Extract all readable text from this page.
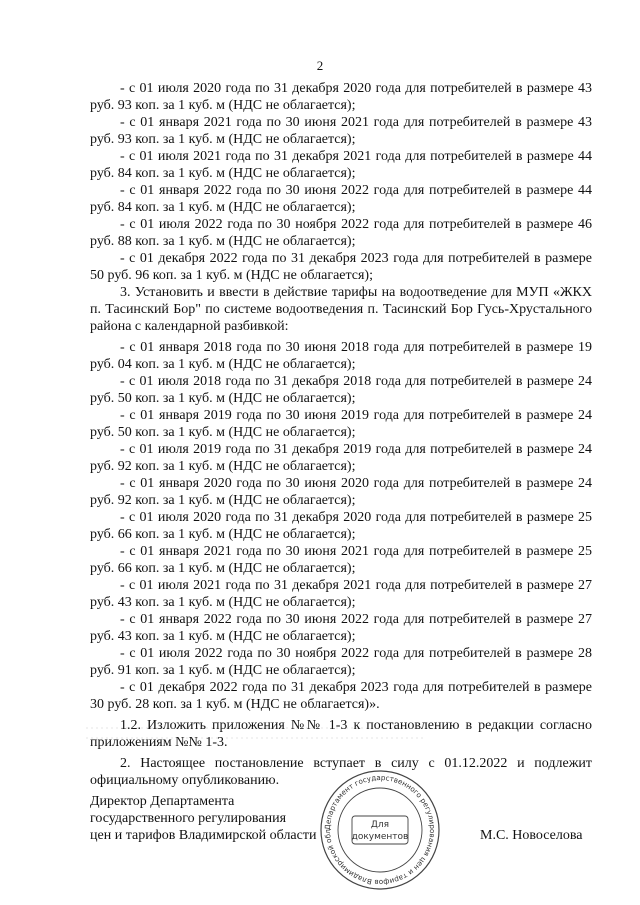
2
- с 01 июля 2020 года по 31 декабря 2020 года для потребителей в размере 43 руб. 93 коп. за 1 куб. м (НДС не облагается);
- с 01 января 2021 года по 30 июня 2021 года для потребителей в размере 43 руб. 93 коп. за 1 куб. м (НДС не облагается);
- с 01 июля 2021 года по 31 декабря 2021 года для потребителей в размере 44 руб. 84 коп. за 1 куб. м (НДС не облагается);
- с 01 января 2022 года по 30 июня 2022 года для потребителей в размере 44 руб. 84 коп. за 1 куб. м (НДС не облагается);
- с 01 июля 2022 года по 30 ноября 2022 года для потребителей в размере 46 руб. 88 коп. за 1 куб. м (НДС не облагается);
- с 01 декабря 2022 года по 31 декабря 2023 года для потребителей в размере 50 руб. 96 коп. за 1 куб. м (НДС не облагается);
3. Установить и ввести в действие тарифы на водоотведение для МУП «ЖКХ п. Тасинский Бор" по системе водоотведения п. Тасинский Бор Гусь-Хрустального района с календарной разбивкой:
- с 01 января 2018 года по 30 июня 2018 года для потребителей в размере 19 руб. 04 коп. за 1 куб. м (НДС не облагается);
- с 01 июля 2018 года по 31 декабря 2018 года для потребителей в размере 24 руб. 50 коп. за 1 куб. м (НДС не облагается);
- с 01 января 2019 года по 30 июня 2019 года для потребителей в размере 24 руб. 50 коп. за 1 куб. м (НДС не облагается);
- с 01 июля 2019 года по 31 декабря 2019 года для потребителей в размере 24 руб. 92 коп. за 1 куб. м (НДС не облагается);
- с 01 января 2020 года по 30 июня 2020 года для потребителей в размере 24 руб. 92 коп. за 1 куб. м (НДС не облагается);
- с 01 июля 2020 года по 31 декабря 2020 года для потребителей в размере 25 руб. 66 коп. за 1 куб. м (НДС не облагается);
- с 01 января 2021 года по 30 июня 2021 года для потребителей в размере 25 руб. 66 коп. за 1 куб. м (НДС не облагается);
- с 01 июля 2021 года по 31 декабря 2021 года для потребителей в размере 27 руб. 43 коп. за 1 куб. м (НДС не облагается);
- с 01 января 2022 года по 30 июня 2022 года для потребителей в размере 27 руб. 43 коп. за 1 куб. м (НДС не облагается);
- с 01 июля 2022 года по 30 ноября 2022 года для потребителей в размере 28 руб. 91 коп. за 1 куб. м (НДС не облагается);
- с 01 декабря 2022 года по 31 декабря 2023 года для потребителей в размере 30 руб. 28 коп. за 1 куб. м (НДС не облагается)».
1.2. Изложить приложения №№ 1-3 к постановлению в редакции согласно приложениям №№ 1-3.
2. Настоящее постановление вступает в силу с 01.12.2022 и подлежит официальному опубликованию.
Директор Департамента
государственного регулирования
цен и тарифов Владимирской области	М.С. Новоселова
Департамент государственного регулирования цен и тарифов Владимирской обл
Для
документов
